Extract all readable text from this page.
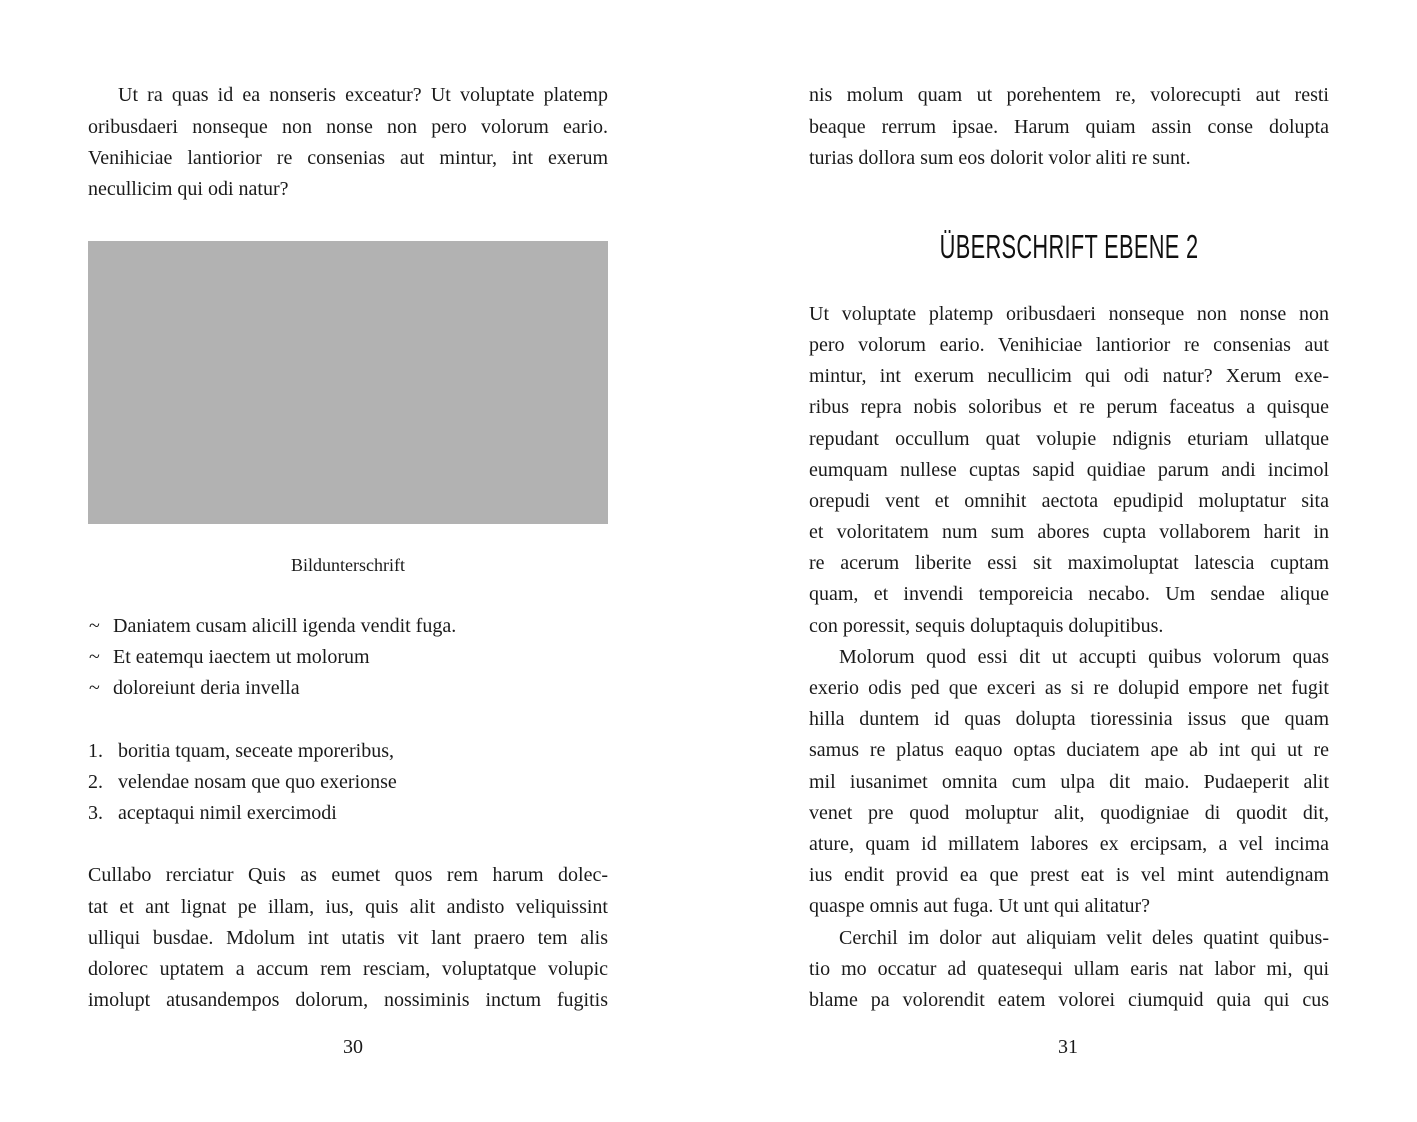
Ut ra quas id ea nonseris exceatur? Ut voluptate platemp
oribusdaeri nonseque non nonse non pero volorum eario.
Venihiciae lantiorior re consenias aut mintur, int exerum
necullicim qui odi natur?
Bildunterschrift
~ Daniatem cusam alicill igenda vendit fuga.
~ Et eatemqu iaectem ut molorum
~ doloreiunt deria invella
1. boritia tquam, seceate mporeribus,
2. velendae nosam que quo exerionse
3. aceptaqui nimil exercimodi
Cullabo rerciatur Quis as eumet quos rem harum dolec-
tat et ant lignat pe illam, ius, quis alit andisto veliquissint
ulliqui busdae. Mdolum int utatis vit lant praero tem alis
dolorec uptatem a accum rem resciam, voluptatque volupic
imolupt atusandempos dolorum, nossiminis inctum fugitis
30
nis molum quam ut porehentem re, volorecupti aut resti
beaque rerrum ipsae. Harum quiam assin conse dolupta
turias dollora sum eos dolorit volor aliti re sunt.
ÜBERSCHRIFT EBENE 2
Ut voluptate platemp oribusdaeri nonseque non nonse non
pero volorum eario. Venihiciae lantiorior re consenias aut
mintur, int exerum necullicim qui odi natur? Xerum exe-
ribus repra nobis soloribus et re perum faceatus a quisque
repudant occullum quat volupie ndignis eturiam ullatque
eumquam nullese cuptas sapid quidiae parum andi incimol
orepudi vent et omnihit aectota epudipid moluptatur sita
et voloritatem num sum abores cupta vollaborem harit in
re acerum liberite essi sit maximoluptat latescia cuptam
quam, et invendi temporeicia necabo. Um sendae alique
con poressit, sequis doluptaquis dolupitibus.
Molorum quod essi dit ut accupti quibus volorum quas
exerio odis ped que exceri as si re dolupid empore net fugit
hilla duntem id quas dolupta tioressinia issus que quam
samus re platus eaquo optas duciatem ape ab int qui ut re
mil iusanimet omnita cum ulpa dit maio. Pudaeperit alit
venet pre quod moluptur alit, quodigniae di quodit dit,
ature, quam id millatem labores ex ercipsam, a vel incima
ius endit provid ea que prest eat is vel mint autendignam
quaspe omnis aut fuga. Ut unt qui alitatur?
Cerchil im dolor aut aliquiam velit deles quatint quibus-
tio mo occatur ad quatesequi ullam earis nat labor mi, qui
blame pa volorendit eatem volorei ciumquid quia qui cus
31
